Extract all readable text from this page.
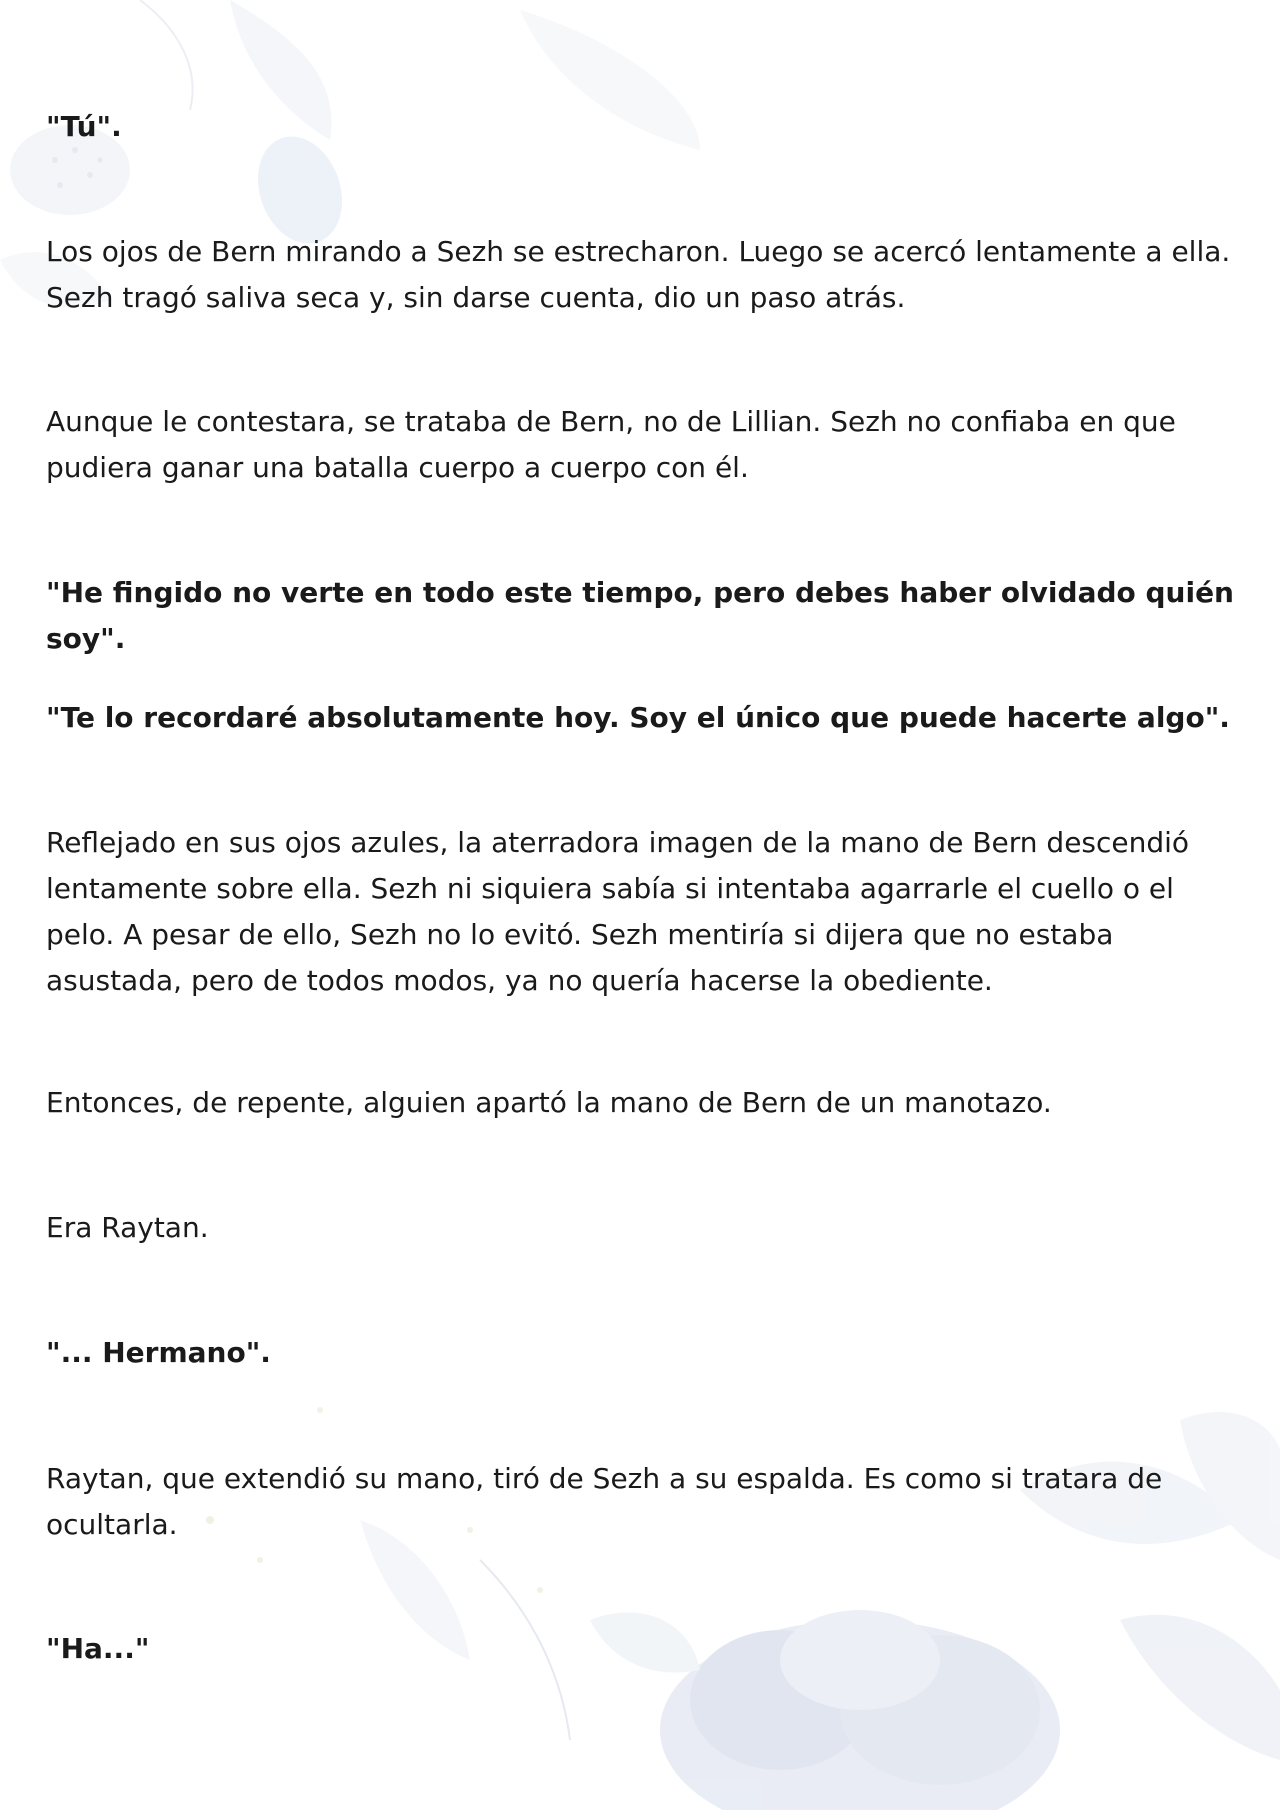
"Tú".

Los ojos de Bern mirando a Sezh se estrecharon. Luego se acercó lentamente a ella. Sezh tragó saliva seca y, sin darse cuenta, dio un paso atrás.

Aunque le contestara, se trataba de Bern, no de Lillian. Sezh no confiaba en que pudiera ganar una batalla cuerpo a cuerpo con él.

"He fingido no verte en todo este tiempo, pero debes haber olvidado quién soy".

"Te lo recordaré absolutamente hoy. Soy el único que puede hacerte algo".

Reflejado en sus ojos azules, la aterradora imagen de la mano de Bern descendió lentamente sobre ella. Sezh ni siquiera sabía si intentaba agarrarle el cuello o el pelo. A pesar de ello, Sezh no lo evitó. Sezh mentiría si dijera que no estaba asustada, pero de todos modos, ya no quería hacerse la obediente.

Entonces, de repente, alguien apartó la mano de Bern de un manotazo.

Era Raytan.

"... Hermano".

Raytan, que extendió su mano, tiró de Sezh a su espalda. Es como si tratara de ocultarla.

"Ha..."
